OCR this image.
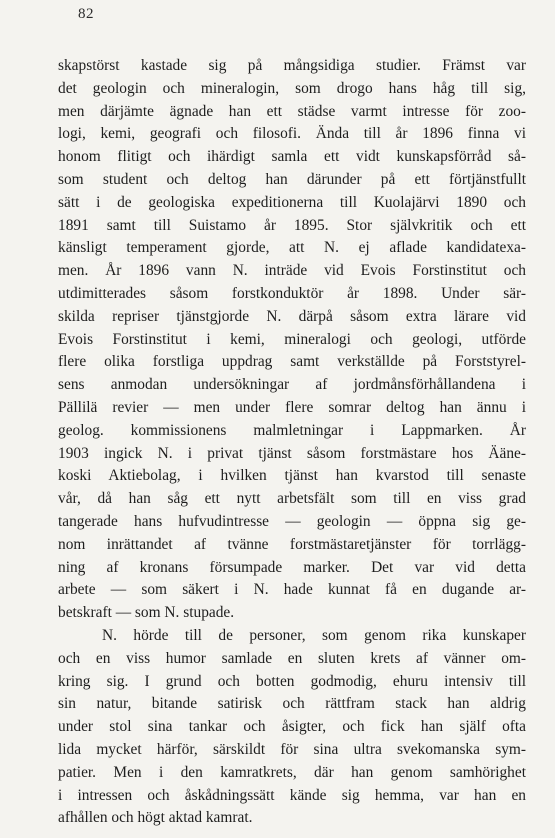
82
skapstörst kastade sig på mångsidiga studier. Främst var
det geologin och mineralogin, som drogo hans håg till sig,
men därjämte ägnade han ett städse varmt intresse för zoo-
logi, kemi, geografi och filosofi. Ända till år 1896 finna vi
honom flitigt och ihärdigt samla ett vidt kunskapsförråd så-
som student och deltog han därunder på ett förtjänstfullt
sätt i de geologiska expeditionerna till Kuolajärvi 1890 och
1891 samt till Suistamo år 1895. Stor självkritik och ett
känsligt temperament gjorde, att N. ej aflade kandidatexa-
men. År 1896 vann N. inträde vid Evois Forstinstitut och
utdimitterades såsom forstkonduktör år 1898. Under sär-
skilda repriser tjänstgjorde N. därpå såsom extra lärare vid
Evois Forstinstitut i kemi, mineralogi och geologi, utförde
flere olika forstliga uppdrag samt verkställde på Forststyrel-
sens anmodan undersökningar af jordmånsförhållandena i
Pällilä revier — men under flere somrar deltog han ännu i
geolog. kommissionens malmletningar i Lappmarken. År
1903 ingick N. i privat tjänst såsom forstmästare hos Ääne-
koski Aktiebolag, i hvilken tjänst han kvarstod till senaste
vår, då han såg ett nytt arbetsfält som till en viss grad
tangerade hans hufvudintresse — geologin — öppna sig ge-
nom inrättandet af tvänne forstmästaretjänster för torrlägg-
ning af kronans försumpade marker. Det var vid detta
arbete — som säkert i N. hade kunnat få en dugande ar-
betskraft — som N. stupade.
N. hörde till de personer, som genom rika kunskaper
och en viss humor samlade en sluten krets af vänner om-
kring sig. I grund och botten godmodig, ehuru intensiv till
sin natur, bitande satirisk och rättfram stack han aldrig
under stol sina tankar och åsigter, och fick han själf ofta
lida mycket härför, särskildt för sina ultra svekomanska sym-
patier. Men i den kamratkrets, där han genom samhörighet
i intressen och åskådningssätt kände sig hemma, var han en
afhållen och högt aktad kamrat.
